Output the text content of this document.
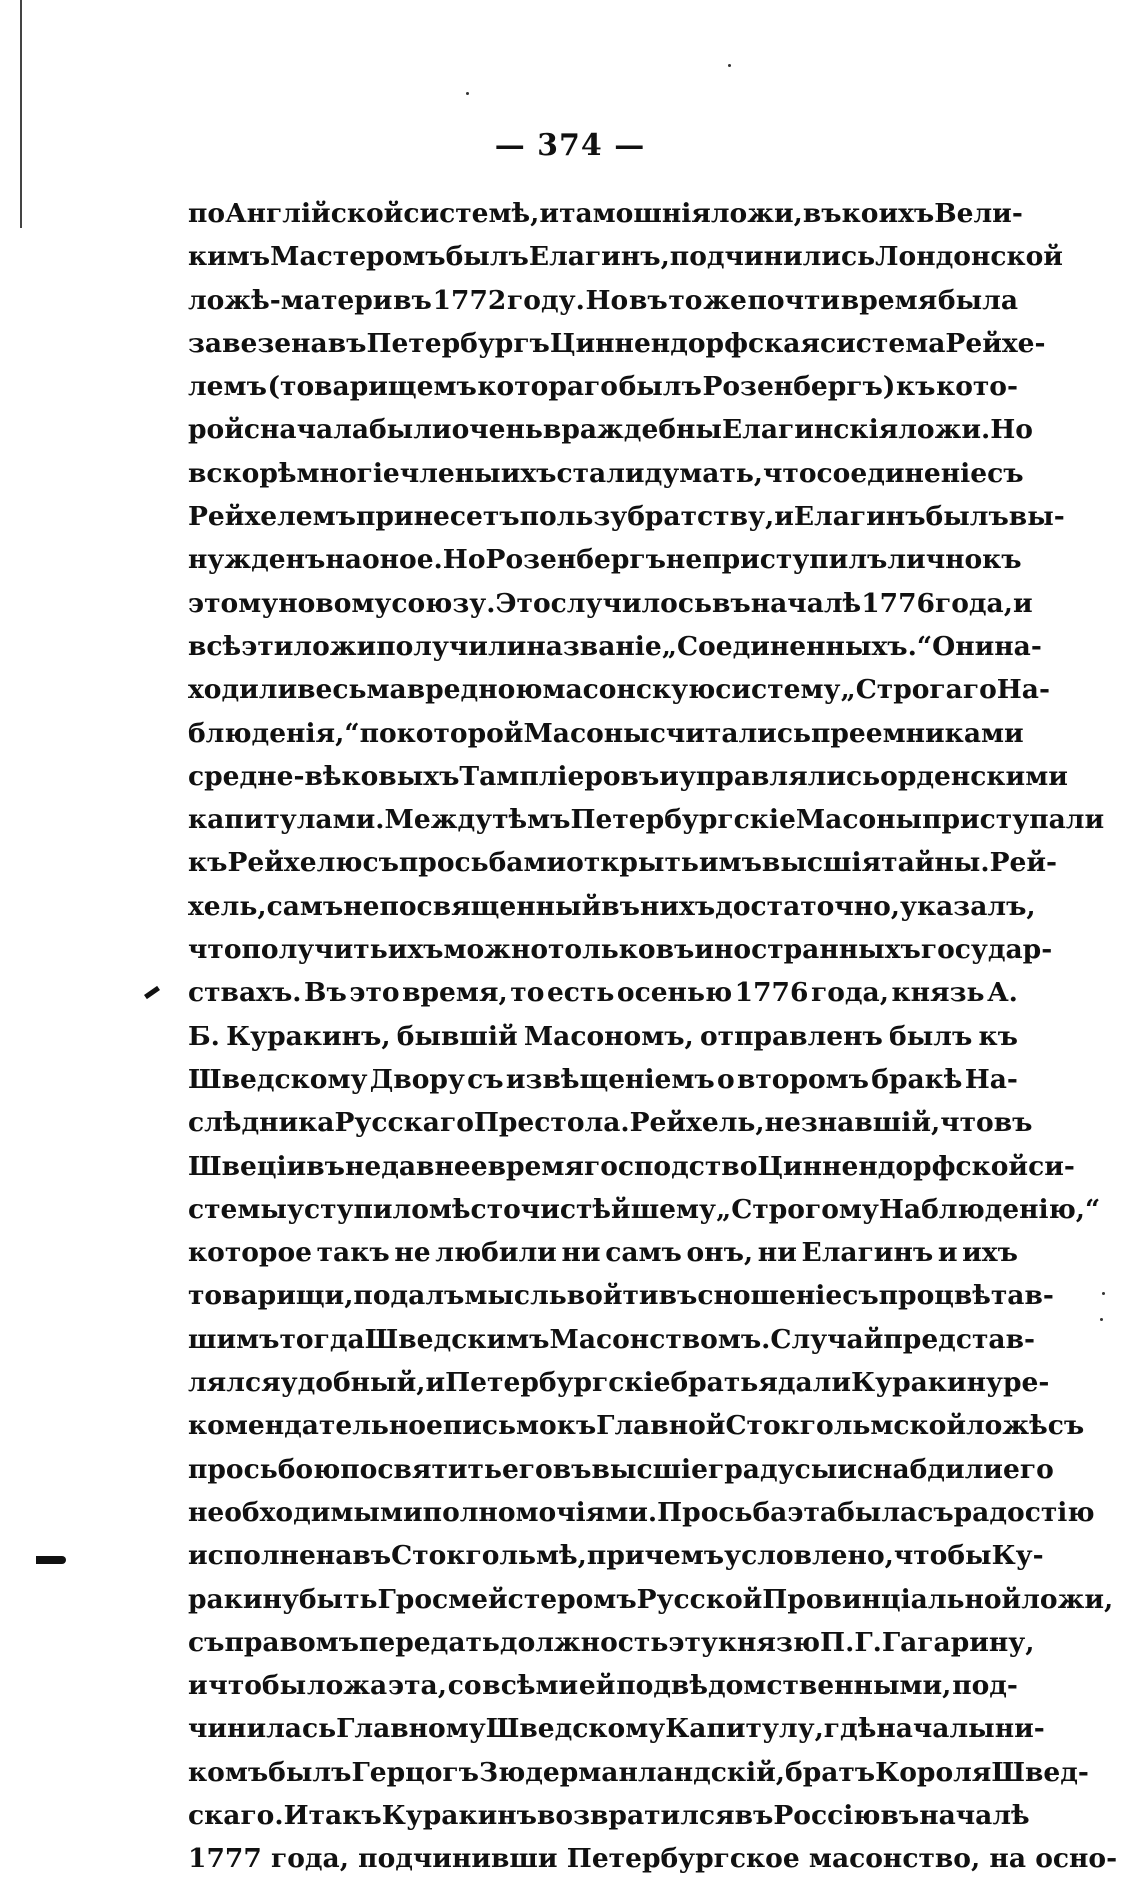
— 374 —
по Англійской системѣ, и тамошнія ложи, въ коихъ Вели-
кимъ Мастеромъ былъ Елагинъ, подчинились Лондонской
ложѣ-матери въ 1772 году. Но въ то же почти время была
завезена въ Петербургъ Циннендорфская система Рейхе-
лемъ (товарищемъ котораго былъ Розенбергъ) къ кото-
рой сначала были очень враждебны Елагинскія ложи. Но
вскорѣ многіе члены ихъ стали думать, что соединеніе съ
Рейхелемъ принесетъ пользу братству, и Елагинъ былъ вы-
нужденъ на оное. Но Розенбергъ не приступилъ лично къ
этому новому союзу. Это случилось въ началѣ 1776 года, и
всѣ эти ложи получили названіе „Соединенныхъ.“ Они на-
ходили весьма вредною масонскую систему „Строгаго На-
блюденія,“ по которой Масоны считались преемниками
средне-вѣковыхъ Тампліеровъ и управлялись орденскими
капитулами. Между тѣмъ Петербургскіе Масоны приступали
къ Рейхелю съ просьбами открыть имъ высшія тайны. Рей-
хель, самъ не посвященный въ нихъ достаточно, указалъ,
что получить ихъ можно только въ иностранныхъ государ-
ствахъ. Въ это время, то есть осенью 1776 года, князь А.
Б. Куракинъ, бывшій Масономъ, отправленъ былъ къ
Шведскому Двору съ извѣщеніемъ о второмъ бракѣ На-
слѣдника Русскаго Престола. Рейхель, не знавшій, что въ
Швеціи въ недавнее время господство Циннендорфской си-
стемы уступило мѣсто чистѣйшему „Строгому Наблюденію,“
которое такъ не любили ни самъ онъ, ни Елагинъ и ихъ
товарищи, подалъ мысль войти въ сношеніе съ процвѣтав-
шимъ тогда Шведскимъ Масонствомъ. Случай представ-
лялся удобный, и Петербургскіе братья дали Куракину ре-
комендательное письмо къ Главной Стокгольмской ложѣ съ
просьбою посвятить его въ высшіе градусы и снабдили его
необходимыми полномочіями. Просьба эта была съ радостію
исполнена въ Стокгольмѣ, при чемъ условлено, чтобы Ку-
ракину быть Гросмейстеромъ Русской Провинціальной ложи,
съ правомъ передать должность эту князю П. Г. Гагарину,
и чтобы ложа эта, со всѣми ей подвѣдомственными, под-
чинилась Главному Шведскому Капитулу, гдѣ началыни-
комъ былъ Герцогъ Зюдерманландскій, братъ Короля Швед-
скаго. И такъ Куракинъ возвратился въ Россію въ началѣ
1777 года, подчинивши Петербургское масонство, на осно-
